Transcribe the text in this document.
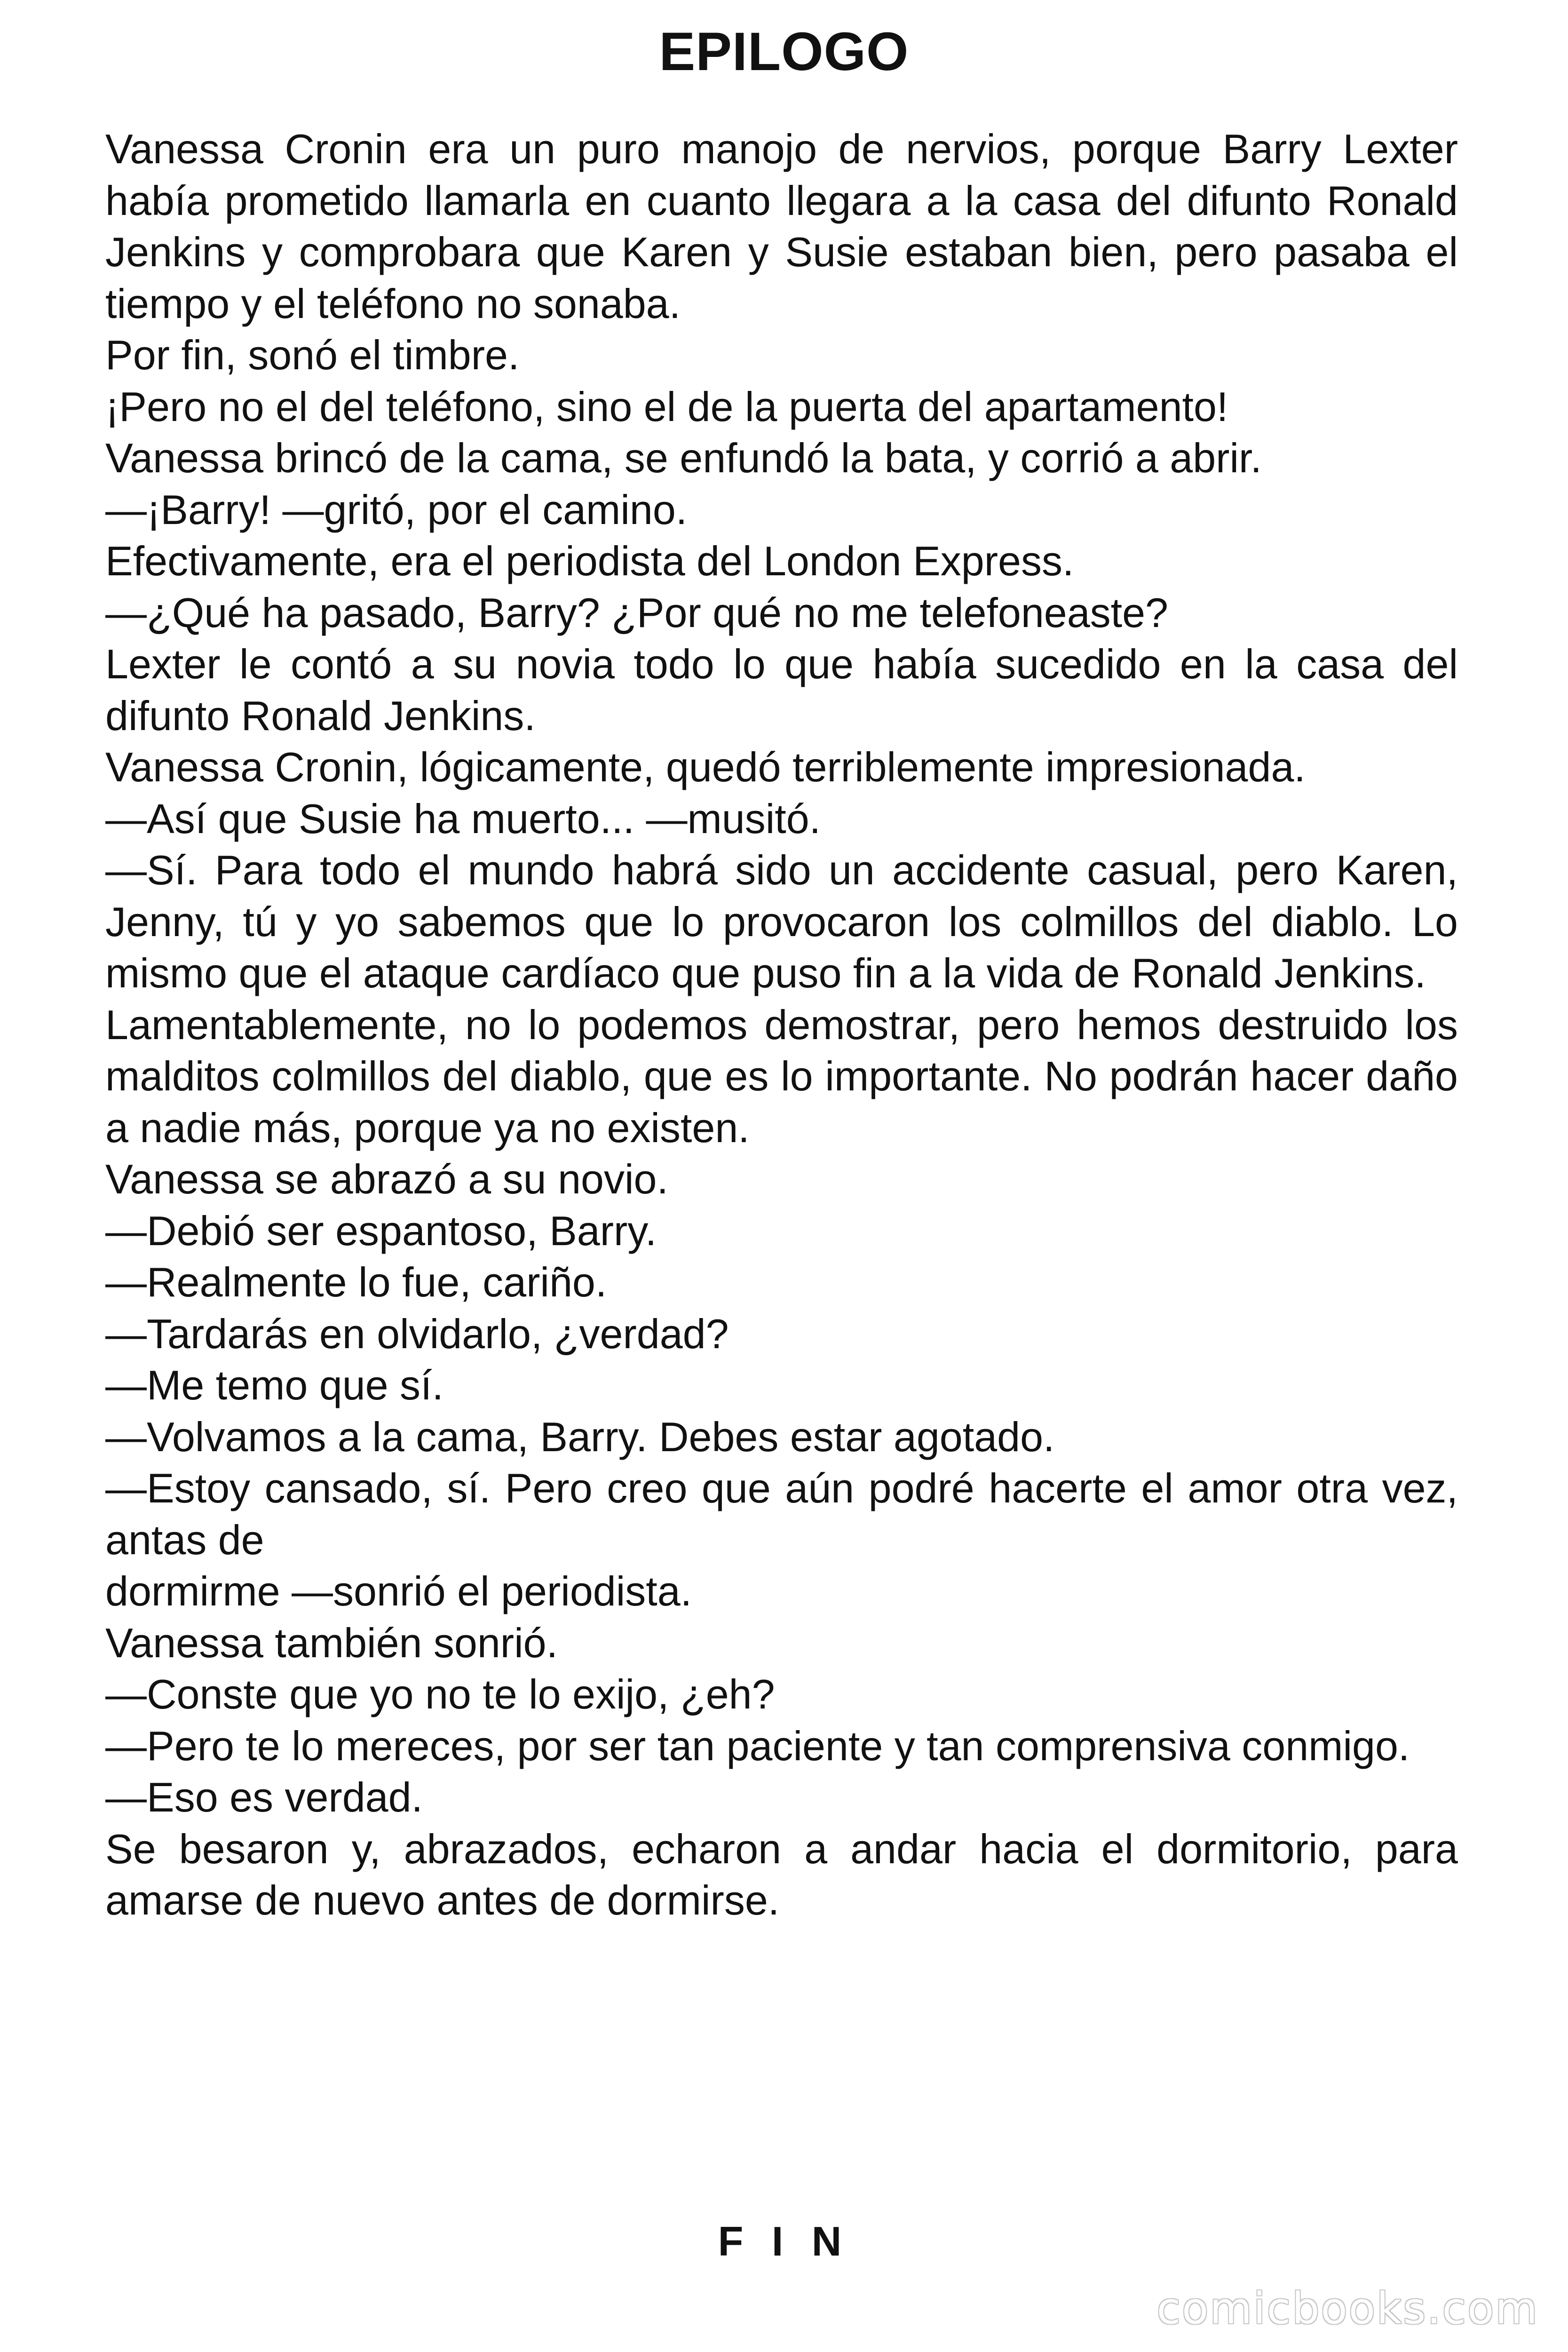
EPILOGO

Vanessa Cronin era un puro manojo de nervios, porque Barry Lexter había prometido llamarla en cuanto llegara a la casa del difunto Ronald Jenkins y comprobara que Karen y Susie estaban bien, pero pasaba el tiempo y el teléfono no sonaba.

Por fin, sonó el timbre.

¡Pero no el del teléfono, sino el de la puerta del apartamento!

Vanessa brincó de la cama, se enfundó la bata, y corrió a abrir.

—¡Barry! —gritó, por el camino.

Efectivamente, era el periodista del London Express.

—¿Qué ha pasado, Barry? ¿Por qué no me telefoneaste?

Lexter le contó a su novia todo lo que había sucedido en la casa del difunto Ronald Jenkins.

Vanessa Cronin, lógicamente, quedó terriblemente impresionada.

—Así que Susie ha muerto... —musitó.

—Sí. Para todo el mundo habrá sido un accidente casual, pero Karen, Jenny, tú y yo sabemos que lo provocaron los colmillos del diablo. Lo mismo que el ataque cardíaco que puso fin a la vida de Ronald Jenkins.

Lamentablemente, no lo podemos demostrar, pero hemos destruido los malditos colmillos del diablo, que es lo importante. No podrán hacer daño a nadie más, porque ya no existen.

Vanessa se abrazó a su novio.

—Debió ser espantoso, Barry.

—Realmente lo fue, cariño.

—Tardarás en olvidarlo, ¿verdad?

—Me temo que sí.

—Volvamos a la cama, Barry. Debes estar agotado.

—Estoy cansado, sí. Pero creo que aún podré hacerte el amor otra vez, antas de

dormirme —sonrió el periodista.

Vanessa también sonrió.

—Conste que yo no te lo exijo, ¿eh?

—Pero te lo mereces, por ser tan paciente y tan comprensiva conmigo.

—Eso es verdad.

Se besaron y, abrazados, echaron a andar hacia el dormitorio, para amarse de nuevo antes de dormirse.

F I N
comicbooks.com
